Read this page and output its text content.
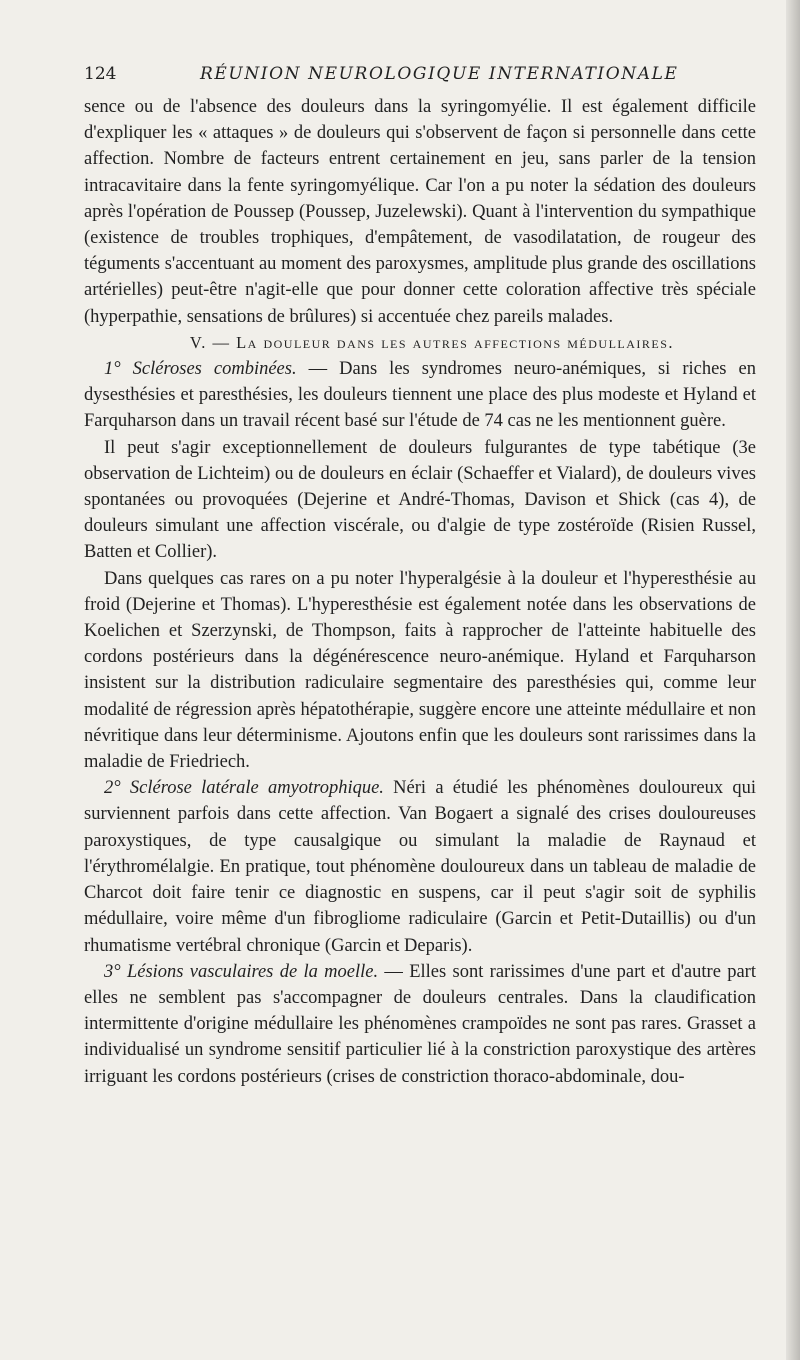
124	RÉUNION NEUROLOGIQUE INTERNATIONALE

sence ou de l'absence des douleurs dans la syringomyélie. Il est également difficile d'expliquer les « attaques » de douleurs qui s'observent de façon si personnelle dans cette affection. Nombre de facteurs entrent certainement en jeu, sans parler de la tension intracavitaire dans la fente syringomyélique. Car l'on a pu noter la sédation des douleurs après l'opération de Poussep (Poussep, Juzelewski). Quant à l'intervention du sympathique (existence de troubles trophiques, d'empâtement, de vasodilatation, de rougeur des téguments s'accentuant au moment des paroxysmes, amplitude plus grande des oscillations artérielles) peut-être n'agit-elle que pour donner cette coloration affective très spéciale (hyperpathie, sensations de brûlures) si accentuée chez pareils malades.

V. — La douleur dans les autres affections médullaires.

1° Scléroses combinées. — Dans les syndromes neuro-anémiques, si riches en dysesthésies et paresthésies, les douleurs tiennent une place des plus modeste et Hyland et Farquharson dans un travail récent basé sur l'étude de 74 cas ne les mentionnent guère.

Il peut s'agir exceptionnellement de douleurs fulgurantes de type tabétique (3e observation de Lichteim) ou de douleurs en éclair (Schaeffer et Vialard), de douleurs vives spontanées ou provoquées (Dejerine et André-Thomas, Davison et Shick (cas 4), de douleurs simulant une affection viscérale, ou d'algie de type zostéroïde (Risien Russel, Batten et Collier).

Dans quelques cas rares on a pu noter l'hyperalgésie à la douleur et l'hyperesthésie au froid (Dejerine et Thomas). L'hyperesthésie est également notée dans les observations de Koelichen et Szerzynski, de Thompson, faits à rapprocher de l'atteinte habituelle des cordons postérieurs dans la dégénérescence neuro-anémique. Hyland et Farquharson insistent sur la distribution radiculaire segmentaire des paresthésies qui, comme leur modalité de régression après hépatothérapie, suggère encore une atteinte médullaire et non névritique dans leur déterminisme. Ajoutons enfin que les douleurs sont rarissimes dans la maladie de Friedriech.

2° Sclérose latérale amyotrophique. Néri a étudié les phénomènes douloureux qui surviennent parfois dans cette affection. Van Bogaert a signalé des crises douloureuses paroxystiques, de type causalgique ou simulant la maladie de Raynaud et l'érythromélalgie. En pratique, tout phénomène douloureux dans un tableau de maladie de Charcot doit faire tenir ce diagnostic en suspens, car il peut s'agir soit de syphilis médullaire, voire même d'un fibrogliome radiculaire (Garcin et Petit-Dutaillis) ou d'un rhumatisme vertébral chronique (Garcin et Deparis).

3° Lésions vasculaires de la moelle. — Elles sont rarissimes d'une part et d'autre part elles ne semblent pas s'accompagner de douleurs centrales. Dans la claudification intermittente d'origine médullaire les phénomènes crampoïdes ne sont pas rares. Grasset a individualisé un syndrome sensitif particulier lié à la constriction paroxystique des artères irriguant les cordons postérieurs (crises de constriction thoraco-abdominale, dou-
